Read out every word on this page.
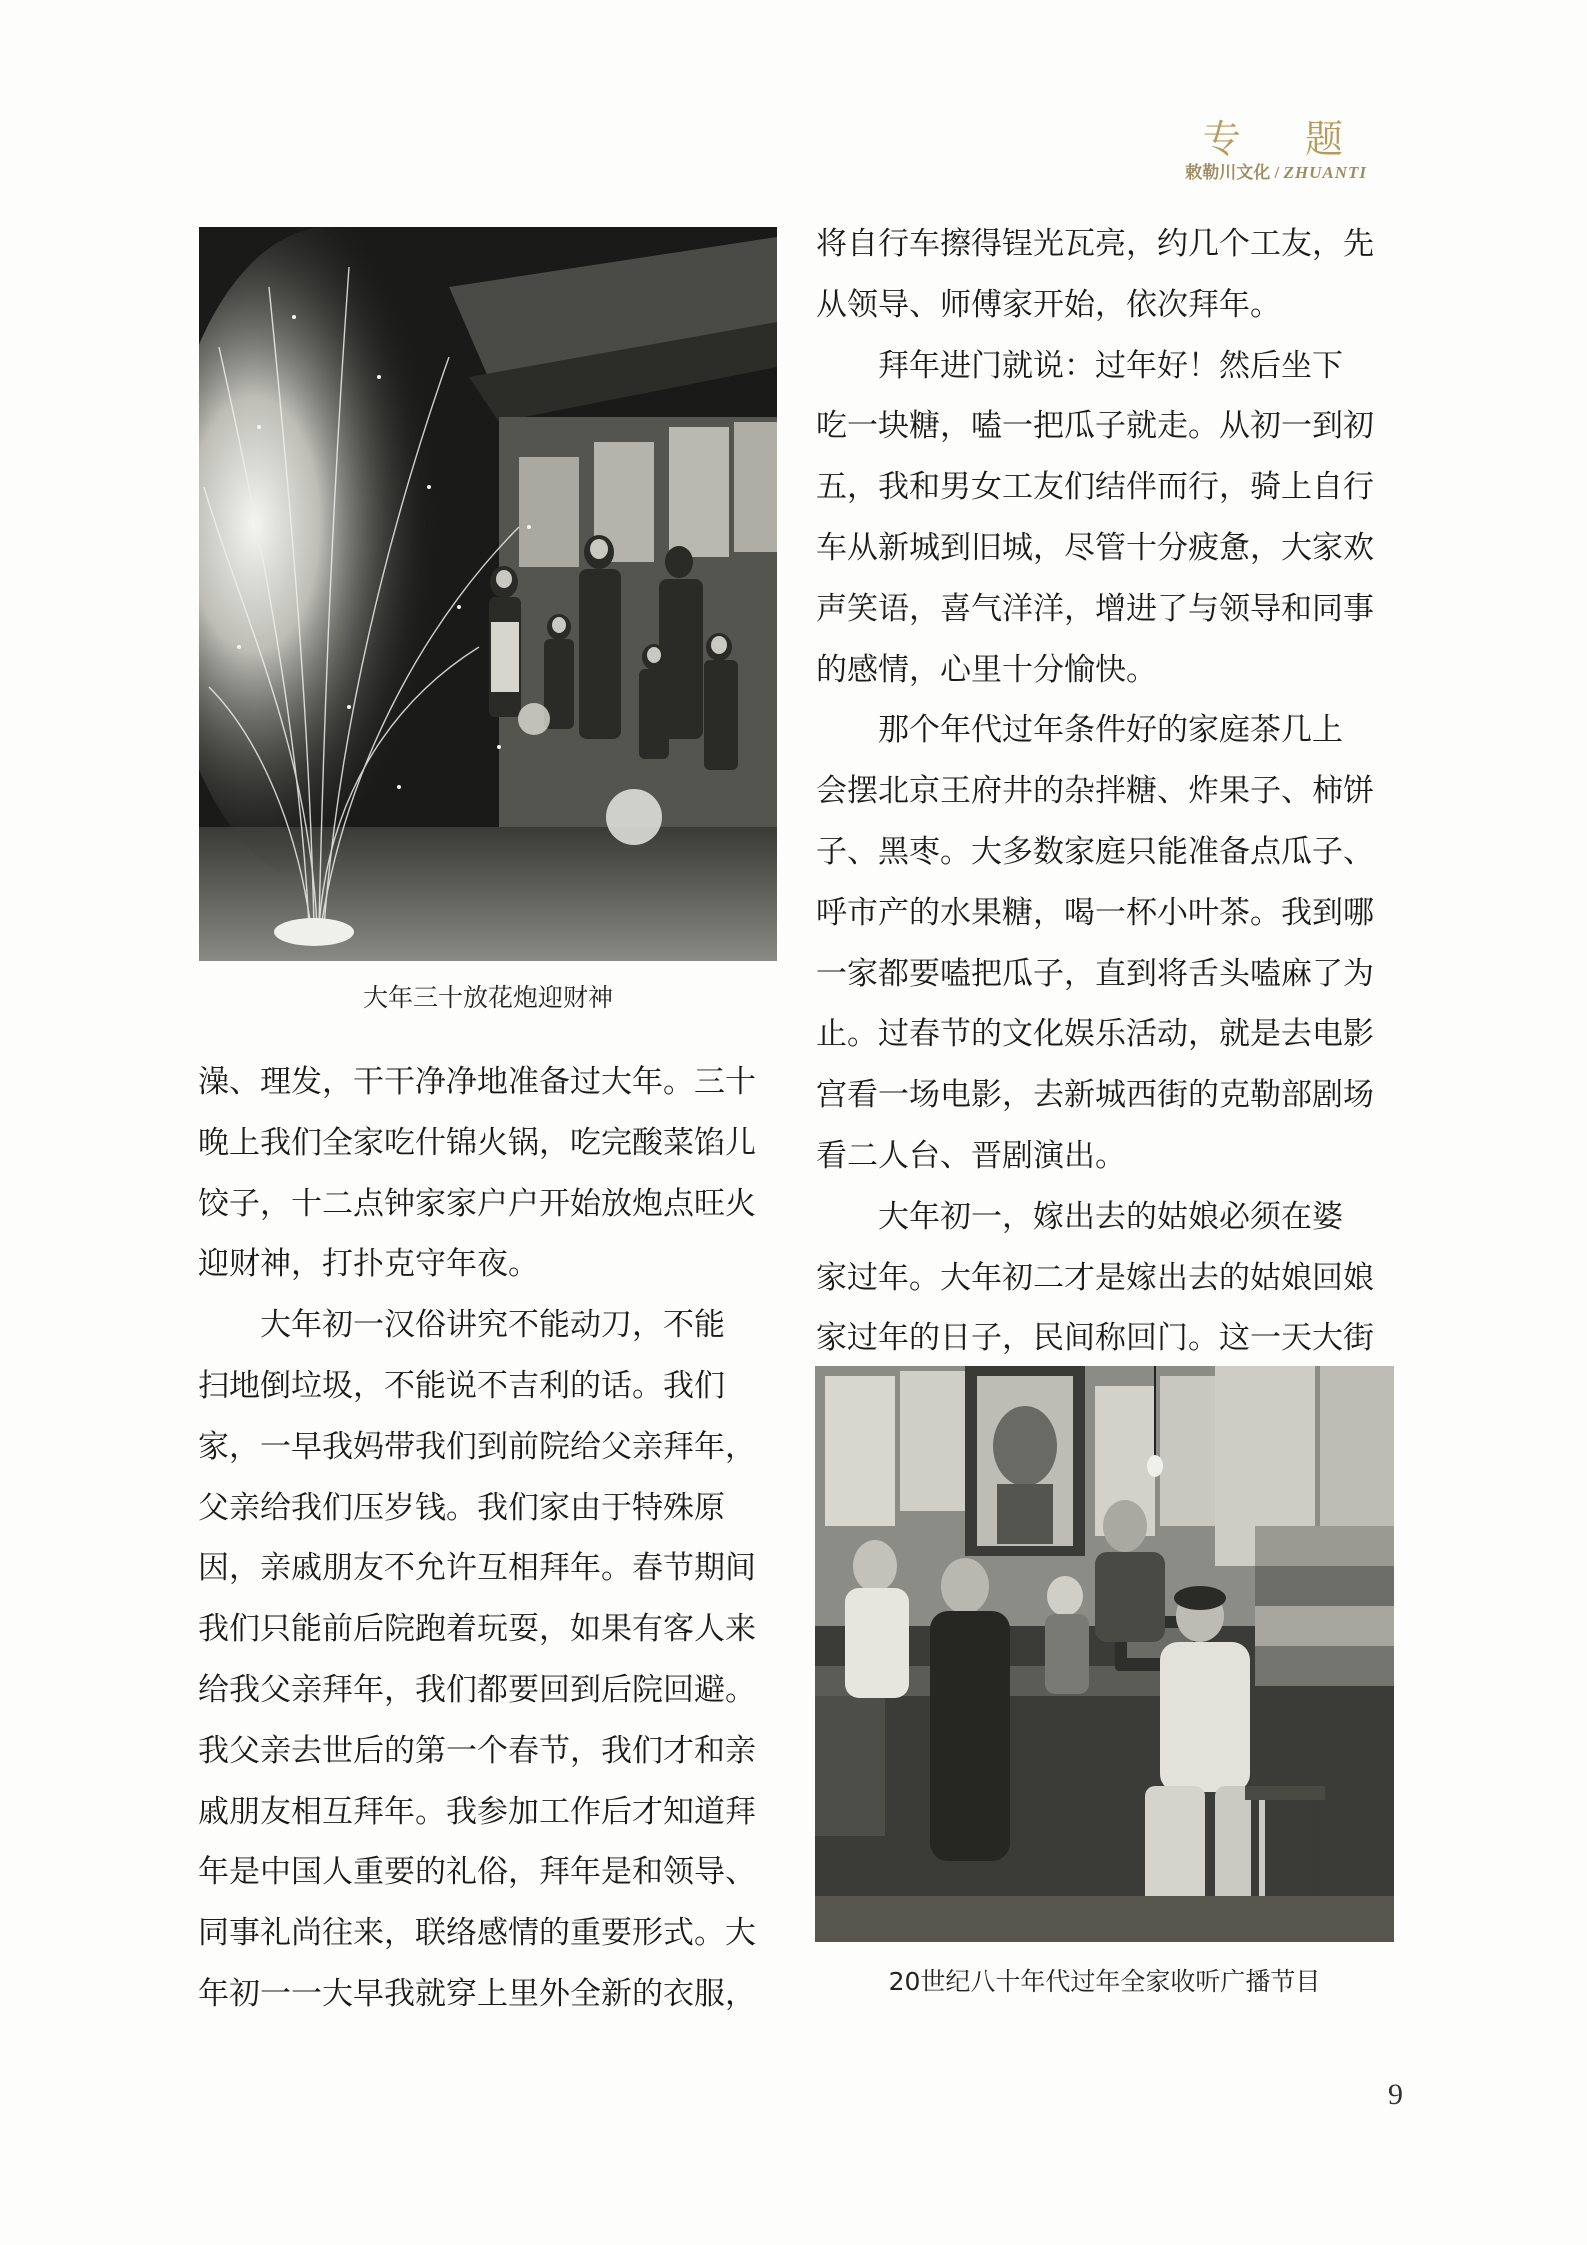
专 题
敕勒川文化 / ZHUANTI
大年三十放花炮迎财神
澡、理发，干干净净地准备过大年。三十
晚上我们全家吃什锦火锅，吃完酸菜馅儿
饺子，十二点钟家家户户开始放炮点旺火
迎财神，打扑克守年夜。
　　大年初一汉俗讲究不能动刀，不能
扫地倒垃圾，不能说不吉利的话。我们
家，一早我妈带我们到前院给父亲拜年，
父亲给我们压岁钱。我们家由于特殊原
因，亲戚朋友不允许互相拜年。春节期间
我们只能前后院跑着玩耍，如果有客人来
给我父亲拜年，我们都要回到后院回避。
我父亲去世后的第一个春节，我们才和亲
戚朋友相互拜年。我参加工作后才知道拜
年是中国人重要的礼俗，拜年是和领导、
同事礼尚往来，联络感情的重要形式。大
年初一一大早我就穿上里外全新的衣服，
将自行车擦得锃光瓦亮，约几个工友，先
从领导、师傅家开始，依次拜年。
　　拜年进门就说：过年好！然后坐下
吃一块糖，嗑一把瓜子就走。从初一到初
五，我和男女工友们结伴而行，骑上自行
车从新城到旧城，尽管十分疲惫，大家欢
声笑语，喜气洋洋，增进了与领导和同事
的感情，心里十分愉快。
　　那个年代过年条件好的家庭茶几上
会摆北京王府井的杂拌糖、炸果子、柿饼
子、黑枣。大多数家庭只能准备点瓜子、
呼市产的水果糖，喝一杯小叶茶。我到哪
一家都要嗑把瓜子，直到将舌头嗑麻了为
止。过春节的文化娱乐活动，就是去电影
宫看一场电影，去新城西街的克勒部剧场
看二人台、晋剧演出。
　　大年初一，嫁出去的姑娘必须在婆
家过年。大年初二才是嫁出去的姑娘回娘
家过年的日子，民间称回门。这一天大街
20世纪八十年代过年全家收听广播节目
9
